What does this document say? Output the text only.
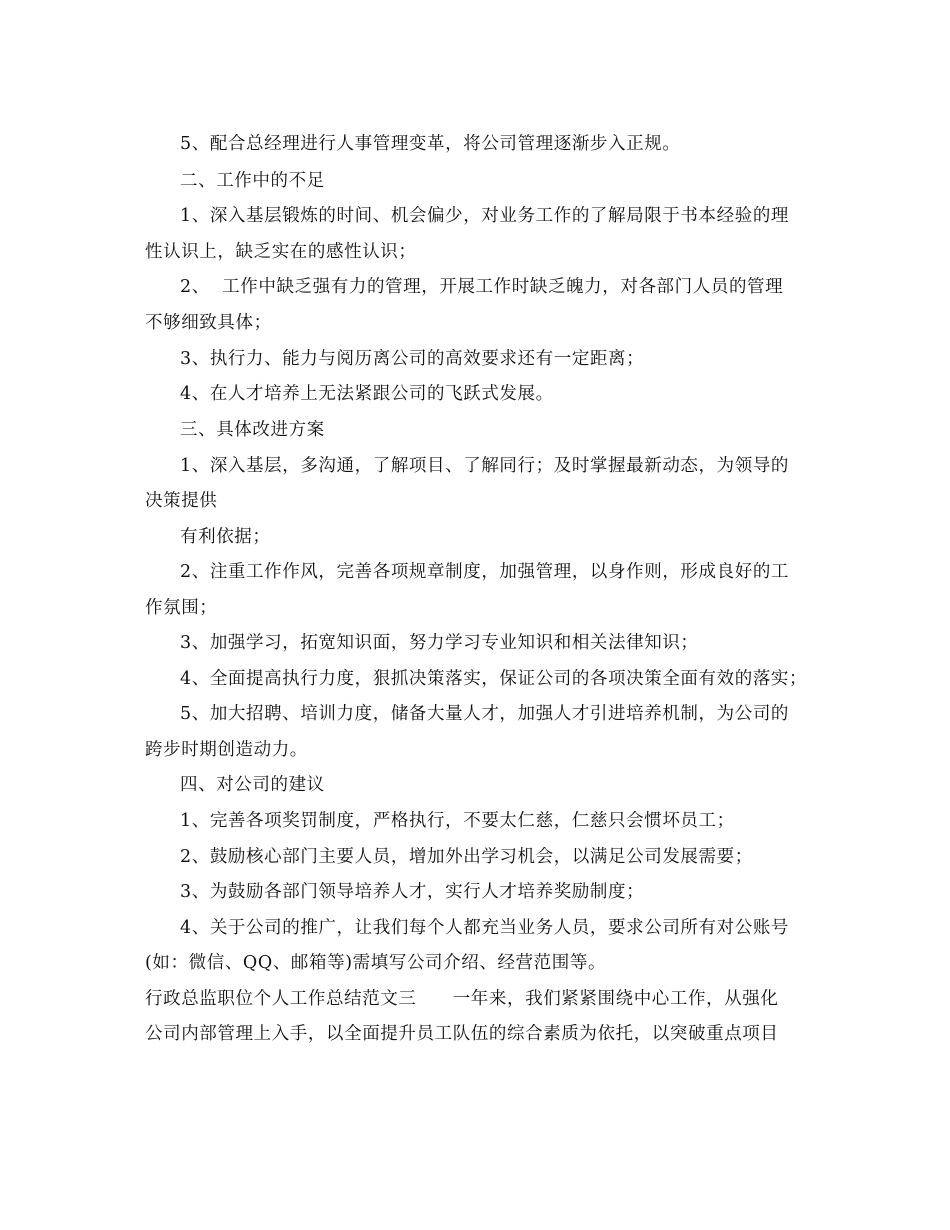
5、配合总经理进行人事管理变革，将公司管理逐渐步入正规。
二、工作中的不足
1、深入基层锻炼的时间、机会偏少，对业务工作的了解局限于书本经验的理
性认识上，缺乏实在的感性认识；
2、  工作中缺乏强有力的管理，开展工作时缺乏魄力，对各部门人员的管理
不够细致具体；
3、执行力、能力与阅历离公司的高效要求还有一定距离；
4、在人才培养上无法紧跟公司的飞跃式发展。
三、具体改进方案
1、深入基层，多沟通，了解项目、了解同行；及时掌握最新动态，为领导的
决策提供
有利依据；
2、注重工作作风，完善各项规章制度，加强管理，以身作则，形成良好的工
作氛围；
3、加强学习，拓宽知识面，努力学习专业知识和相关法律知识；
4、全面提高执行力度，狠抓决策落实，保证公司的各项决策全面有效的落实；
5、加大招聘、培训力度，储备大量人才，加强人才引进培养机制，为公司的
跨步时期创造动力。
四、对公司的建议
1、完善各项奖罚制度，严格执行，不要太仁慈，仁慈只会惯坏员工；
2、鼓励核心部门主要人员，增加外出学习机会，以满足公司发展需要；
3、为鼓励各部门领导培养人才，实行人才培养奖励制度；
4、关于公司的推广，让我们每个人都充当业务人员，要求公司所有对公账号
(如：微信、QQ、邮箱等)需填写公司介绍、经营范围等。
行政总监职位个人工作总结范文三　　一年来，我们紧紧围绕中心工作，从强化
公司内部管理上入手，以全面提升员工队伍的综合素质为依托，以突破重点项目
